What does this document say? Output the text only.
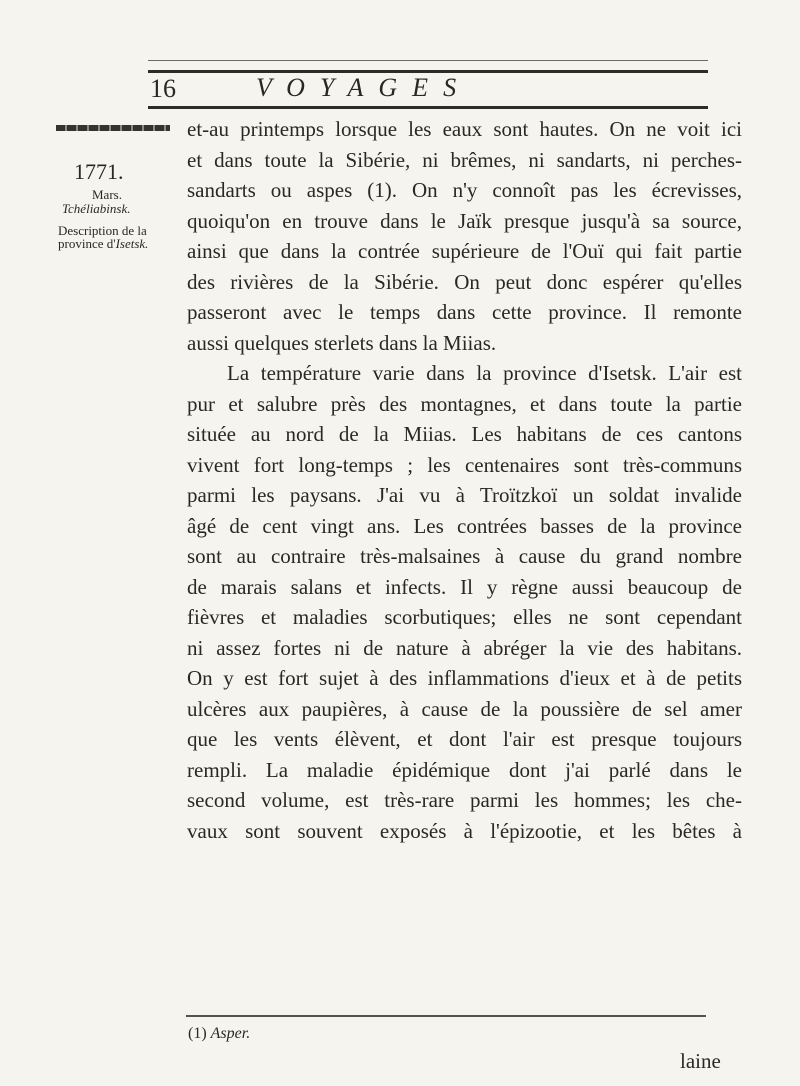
16	VOYAGES
1771.
Mars.
Tchéliabinsk.
Description de la
province d'Isetsk.
et-au printemps lorsque les eaux sont hautes. On ne voit ici
et dans toute la Sibérie, ni brêmes, ni sandarts, ni perches-
sandarts ou aspes (1). On n'y connoît pas les écrevisses,
quoiqu'on en trouve dans le Jaïk presque jusqu'à sa source,
ainsi que dans la contrée supérieure de l'Ouï qui fait partie
des rivières de la Sibérie. On peut donc espérer qu'elles
passeront avec le temps dans cette province. Il remonte
aussi quelques sterlets dans la Miias.
La température varie dans la province d'Isetsk. L'air est
pur et salubre près des montagnes, et dans toute la partie
située au nord de la Miias. Les habitans de ces cantons
vivent fort long-temps ; les centenaires sont très-communs
parmi les paysans. J'ai vu à Troïtzkoï un soldat invalide
âgé de cent vingt ans. Les contrées basses de la province
sont au contraire très-malsaines à cause du grand nombre
de marais salans et infects. Il y règne aussi beaucoup de
fièvres et maladies scorbutiques; elles ne sont cependant
ni assez fortes ni de nature à abréger la vie des habitans.
On y est fort sujet à des inflammations d'ieux et à de petits
ulcères aux paupières, à cause de la poussière de sel amer
que les vents élèvent, et dont l'air est presque toujours
rempli. La maladie épidémique dont j'ai parlé dans le
second volume, est très-rare parmi les hommes; les che-
vaux sont souvent exposés à l'épizootie, et les bêtes à
(1) Asper.
laine
